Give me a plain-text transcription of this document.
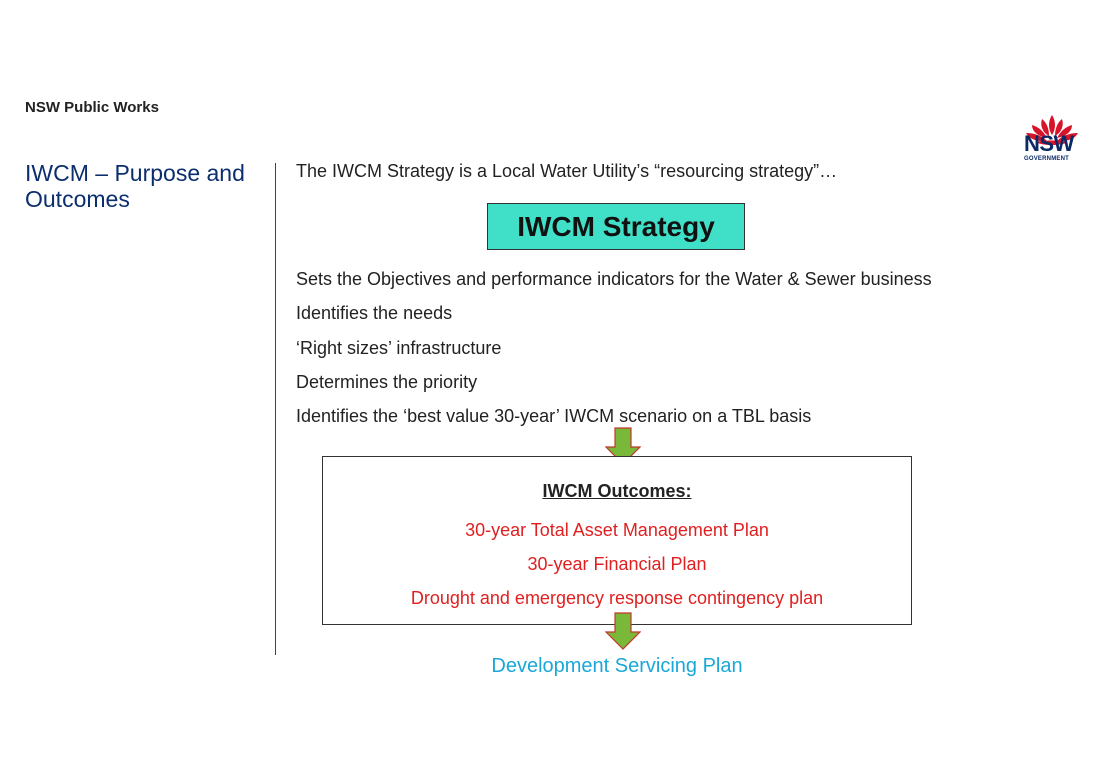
NSW Public Works
NSW
GOVERNMENT
IWCM – Purpose and Outcomes
The IWCM Strategy is a Local Water Utility’s “resourcing strategy”…
IWCM Strategy
Sets the Objectives and performance indicators for the Water & Sewer business
Identifies the needs
‘Right sizes’ infrastructure
Determines the priority
Identifies the ‘best value 30-year’ IWCM scenario on a TBL basis
IWCM Outcomes:
30-year Total Asset Management Plan
30-year Financial Plan
Drought and emergency response contingency plan
Development Servicing Plan
